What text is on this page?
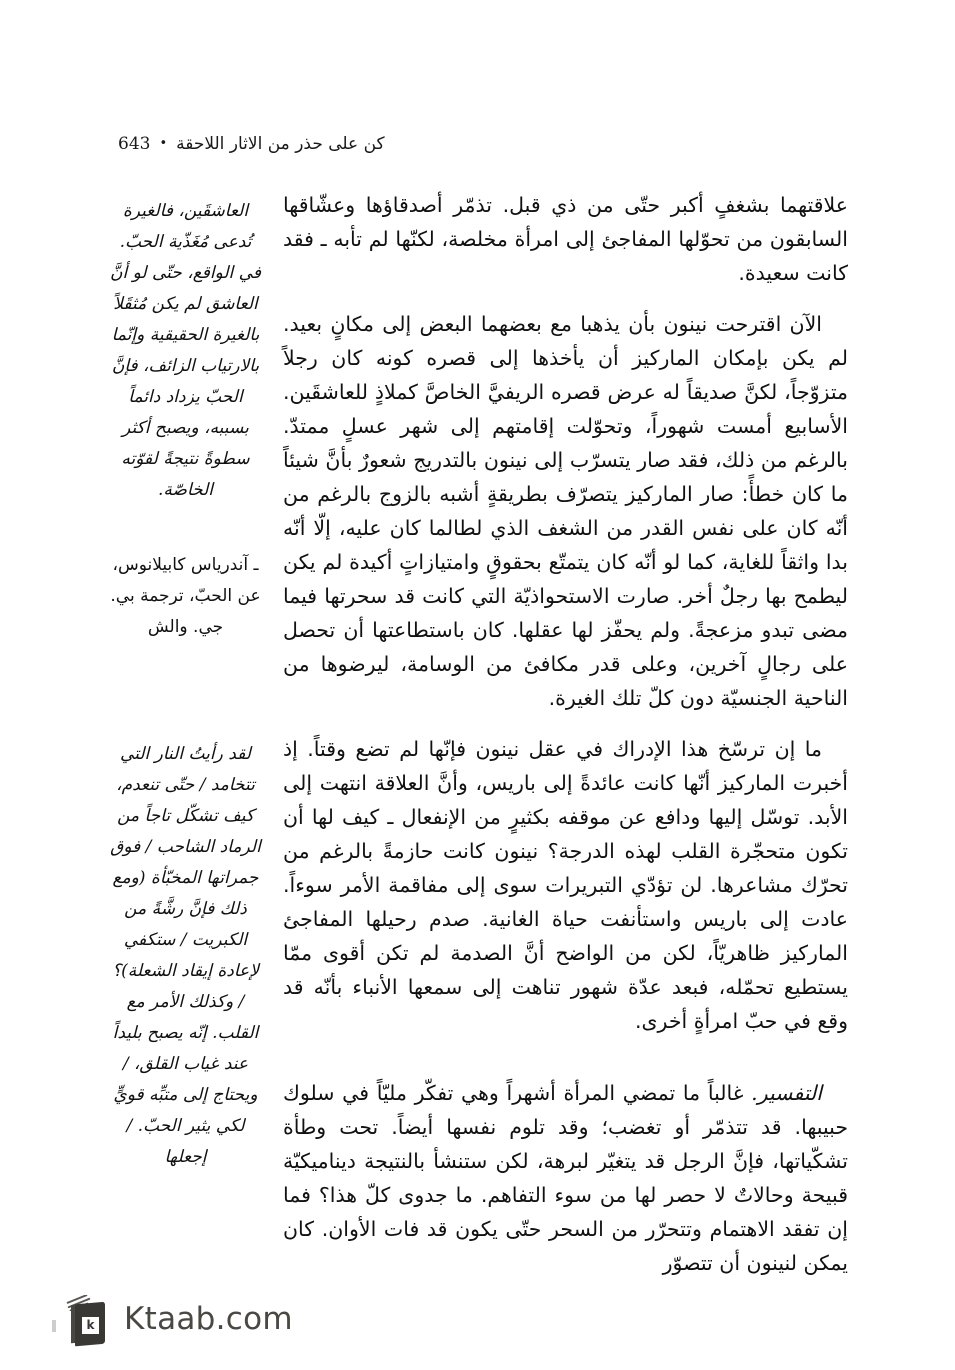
كن على حذر من الاثار اللاحقة•643

علاقتهما بشغفٍ أكبر حتّى من ذي قبل. تذمّر أصدقاؤها وعشّاقها السابقون من تحوّلها المفاجئ إلى امرأة مخلصة، لكنّها لم تأبه ـ فقد كانت سعيدة.

الآن اقترحت نينون بأن يذهبا مع بعضهما البعض إلى مكانٍ بعيد. لم يكن بإمكان الماركيز أن يأخذها إلى قصره كونه كان رجلاً متزوّجاً، لكنَّ صديقاً له عرض قصره الريفيَّ الخاصَّ كملاذٍ للعاشقَين. الأسابيع أمست شهوراً، وتحوّلت إقامتهم إلى شهر عسلٍ ممتدّ. بالرغم من ذلك، فقد صار يتسرّب إلى نينون بالتدريج شعورٌ بأنَّ شيئاً ما كان خطأً: صار الماركيز يتصرّف بطريقةٍ أشبه بالزوج بالرغم من أنّه كان على نفس القدر من الشغف الذي لطالما كان عليه، إلّا أنّه بدا واثقاً للغاية، كما لو أنّه كان يتمتّع بحقوقٍ وامتيازاتٍ أكيدة لم يكن ليطمح بها رجلٌ أخر. صارت الاستحواذيّة التي كانت قد سحرتها فيما مضى تبدو مزعجةً. ولم يحفّز لها عقلها. كان باستطاعتها أن تحصل على رجالٍ آخرين، وعلى قدر مكافئ من الوسامة، ليرضوها من الناحية الجنسيّة دون كلّ تلك الغيرة.

ما إن ترسّخ هذا الإدراك في عقل نينون فإنّها لم تضع وقتاً. إذ أخبرت الماركيز أنّها كانت عائدةً إلى باريس، وأنَّ العلاقة انتهت إلى الأبد. توسّل إليها ودافع عن موقفه بكثيرٍ من الإنفعال ـ كيف لها أن تكون متحجّرة القلب لهذه الدرجة؟ نينون كانت حازمةً بالرغم من تحرّك مشاعرها. لن تؤدّي التبريرات سوى إلى مفاقمة الأمر سوءاً. عادت إلى باريس واستأنفت حياة الغانية. صدم رحيلها المفاجئ الماركيز ظاهريّاً، لكن من الواضح أنَّ الصدمة لم تكن أقوى ممّا يستطيع تحمّله، فبعد عدّة شهور تناهت إلى سمعها الأنباء بأنّه قد وقع في حبّ امرأةٍ أخرى.

التفسير. غالباً ما تمضي المرأة أشهراً وهي تفكّر مليّاً في سلوك حبيبها. قد تتذمّر أو تغضب؛ وقد تلوم نفسها أيضاً. تحت وطأة تشكّياتها، فإنَّ الرجل قد يتغيّر لبرهة، لكن ستنشأ بالنتيجة ديناميكيّة قبيحة وحالاتٌ لا حصر لها من سوء التفاهم. ما جدوى كلّ هذا؟ فما إن تفقد الاهتمام وتتحرّر من السحر حتّى يكون قد فات الأوان. كان يمكن لنينون أن تتصوّر

العاشقَين، فالغيرة تُدعى مُغَذّية الحبّ. في الواقع، حتّى لو أنَّ العاشق لم يكن مُثقَلاً بالغيرة الحقيقية وإنّما بالارتياب الزائف، فإنَّ الحبّ يزداد دائماً بسببه، ويصبح أكثر سطوةً نتيجةً لقوّته الخاصّة.
ـ آندرياس كابيلانوس، عن الحبّ، ترجمة بي. جي. والش
لقد رأيتُ النار التي تتخامد / حتّى تنعدم، كيف تشكّل تاجاً من الرماد الشاحب / فوق جمراتها المخبّأة (ومع ذلك فإنَّ رشَّةً من الكبريت / ستكفي لإعادة إيقاد الشعلة)؟ / وكذلك الأمر مع القلب. إنّه يصبح بليداً عند غياب القلق، / ويحتاج إلى متبِّه قويٍّ لكي يثير الحبّ. / إجعلها
k Ktaab.com
